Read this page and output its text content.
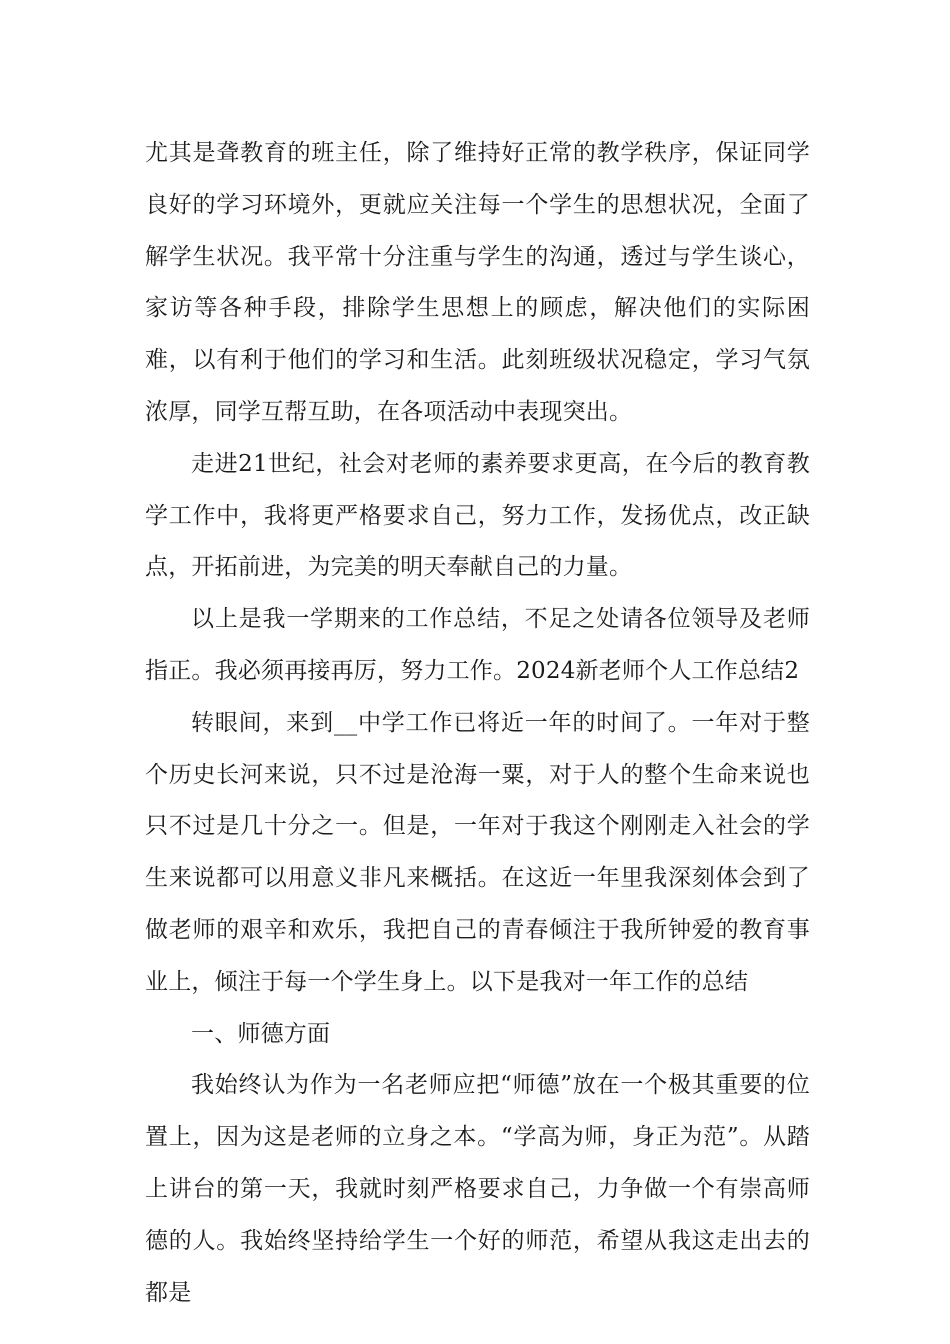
尤其是聋教育的班主任，除了维持好正常的教学秩序，保证同学良好的学习环境外，更就应关注每一个学生的思想状况，全面了解学生状况。我平常十分注重与学生的沟通，透过与学生谈心，家访等各种手段，排除学生思想上的顾虑，解决他们的实际困难，以有利于他们的学习和生活。此刻班级状况稳定，学习气氛浓厚，同学互帮互助，在各项活动中表现突出。

走进21世纪，社会对老师的素养要求更高，在今后的教育教学工作中，我将更严格要求自己，努力工作，发扬优点，改正缺点，开拓前进，为完美的明天奉献自己的力量。

以上是我一学期来的工作总结，不足之处请各位领导及老师指正。我必须再接再厉，努力工作。2024新老师个人工作总结2

转眼间，来到__中学工作已将近一年的时间了。一年对于整个历史长河来说，只不过是沧海一粟，对于人的整个生命来说也只不过是几十分之一。但是，一年对于我这个刚刚走入社会的学生来说都可以用意义非凡来概括。在这近一年里我深刻体会到了做老师的艰辛和欢乐，我把自己的青春倾注于我所钟爱的教育事业上，倾注于每一个学生身上。以下是我对一年工作的总结

一、师德方面

我始终认为作为一名老师应把“师德”放在一个极其重要的位置上，因为这是老师的立身之本。“学高为师，身正为范”。从踏上讲台的第一天，我就时刻严格要求自己，力争做一个有崇高师德的人。我始终坚持给学生一个好的师范，希望从我这走出去的都是
